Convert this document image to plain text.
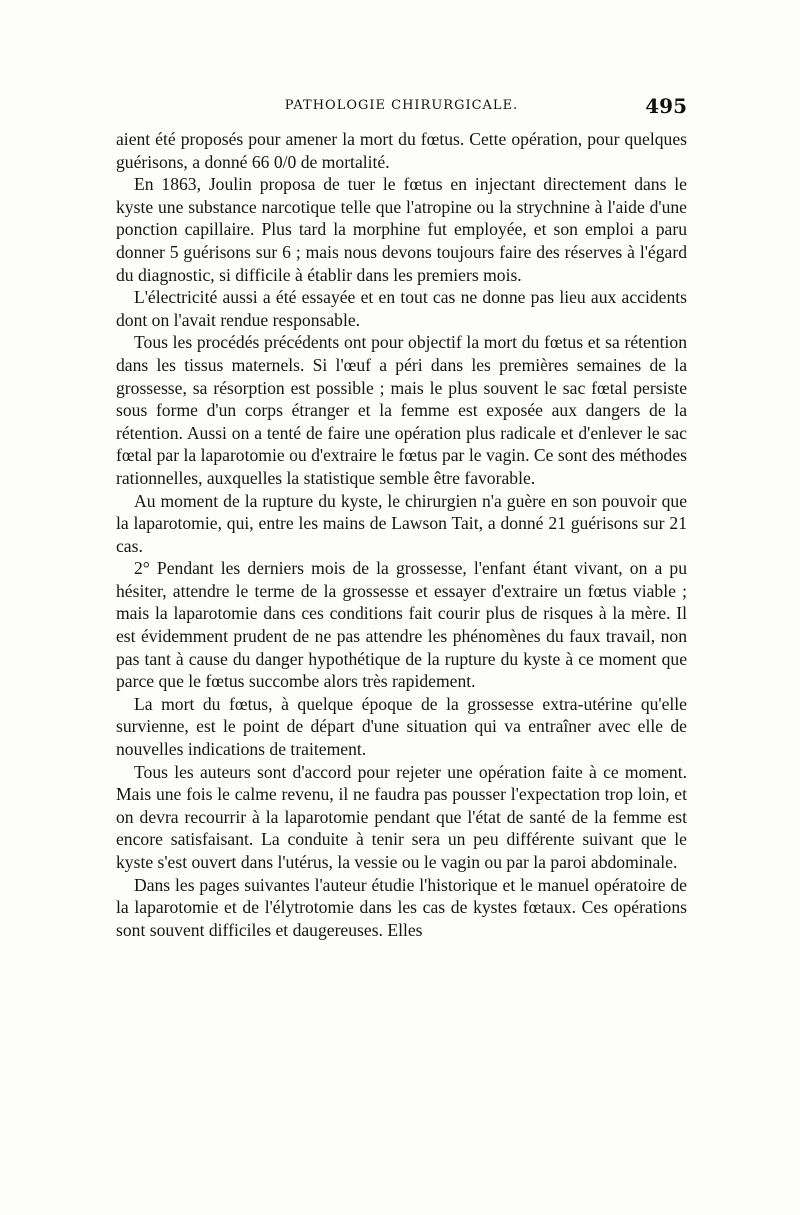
PATHOLOGIE CHIRURGICALE.	495

aient été proposés pour amener la mort du fœtus. Cette opération, pour quelques guérisons, a donné 66 0/0 de mortalité.

En 1863, Joulin proposa de tuer le fœtus en injectant directement dans le kyste une substance narcotique telle que l'atropine ou la strychnine à l'aide d'une ponction capillaire. Plus tard la morphine fut employée, et son emploi a paru donner 5 guérisons sur 6 ; mais nous devons toujours faire des réserves à l'égard du diagnostic, si difficile à établir dans les premiers mois.

L'électricité aussi a été essayée et en tout cas ne donne pas lieu aux accidents dont on l'avait rendue responsable.

Tous les procédés précédents ont pour objectif la mort du fœtus et sa rétention dans les tissus maternels. Si l'œuf a péri dans les premières semaines de la grossesse, sa résorption est possible ; mais le plus souvent le sac fœtal persiste sous forme d'un corps étranger et la femme est exposée aux dangers de la rétention. Aussi on a tenté de faire une opération plus radicale et d'enlever le sac fœtal par la laparotomie ou d'extraire le fœtus par le vagin. Ce sont des méthodes rationnelles, auxquelles la statistique semble être favorable.

Au moment de la rupture du kyste, le chirurgien n'a guère en son pouvoir que la laparotomie, qui, entre les mains de Lawson Tait, a donné 21 guérisons sur 21 cas.

2° Pendant les derniers mois de la grossesse, l'enfant étant vivant, on a pu hésiter, attendre le terme de la grossesse et essayer d'extraire un fœtus viable ; mais la laparotomie dans ces conditions fait courir plus de risques à la mère. Il est évidemment prudent de ne pas attendre les phénomènes du faux travail, non pas tant à cause du danger hypothétique de la rupture du kyste à ce moment que parce que le fœtus succombe alors très rapidement.

La mort du fœtus, à quelque époque de la grossesse extra-utérine qu'elle survienne, est le point de départ d'une situation qui va entraîner avec elle de nouvelles indications de traitement.

Tous les auteurs sont d'accord pour rejeter une opération faite à ce moment. Mais une fois le calme revenu, il ne faudra pas pousser l'expectation trop loin, et on devra recourrir à la laparotomie pendant que l'état de santé de la femme est encore satisfaisant. La conduite à tenir sera un peu différente suivant que le kyste s'est ouvert dans l'utérus, la vessie ou le vagin ou par la paroi abdominale.

Dans les pages suivantes l'auteur étudie l'historique et le manuel opératoire de la laparotomie et de l'élytrotomie dans les cas de kystes fœtaux. Ces opérations sont souvent difficiles et daugereuses. Elles
